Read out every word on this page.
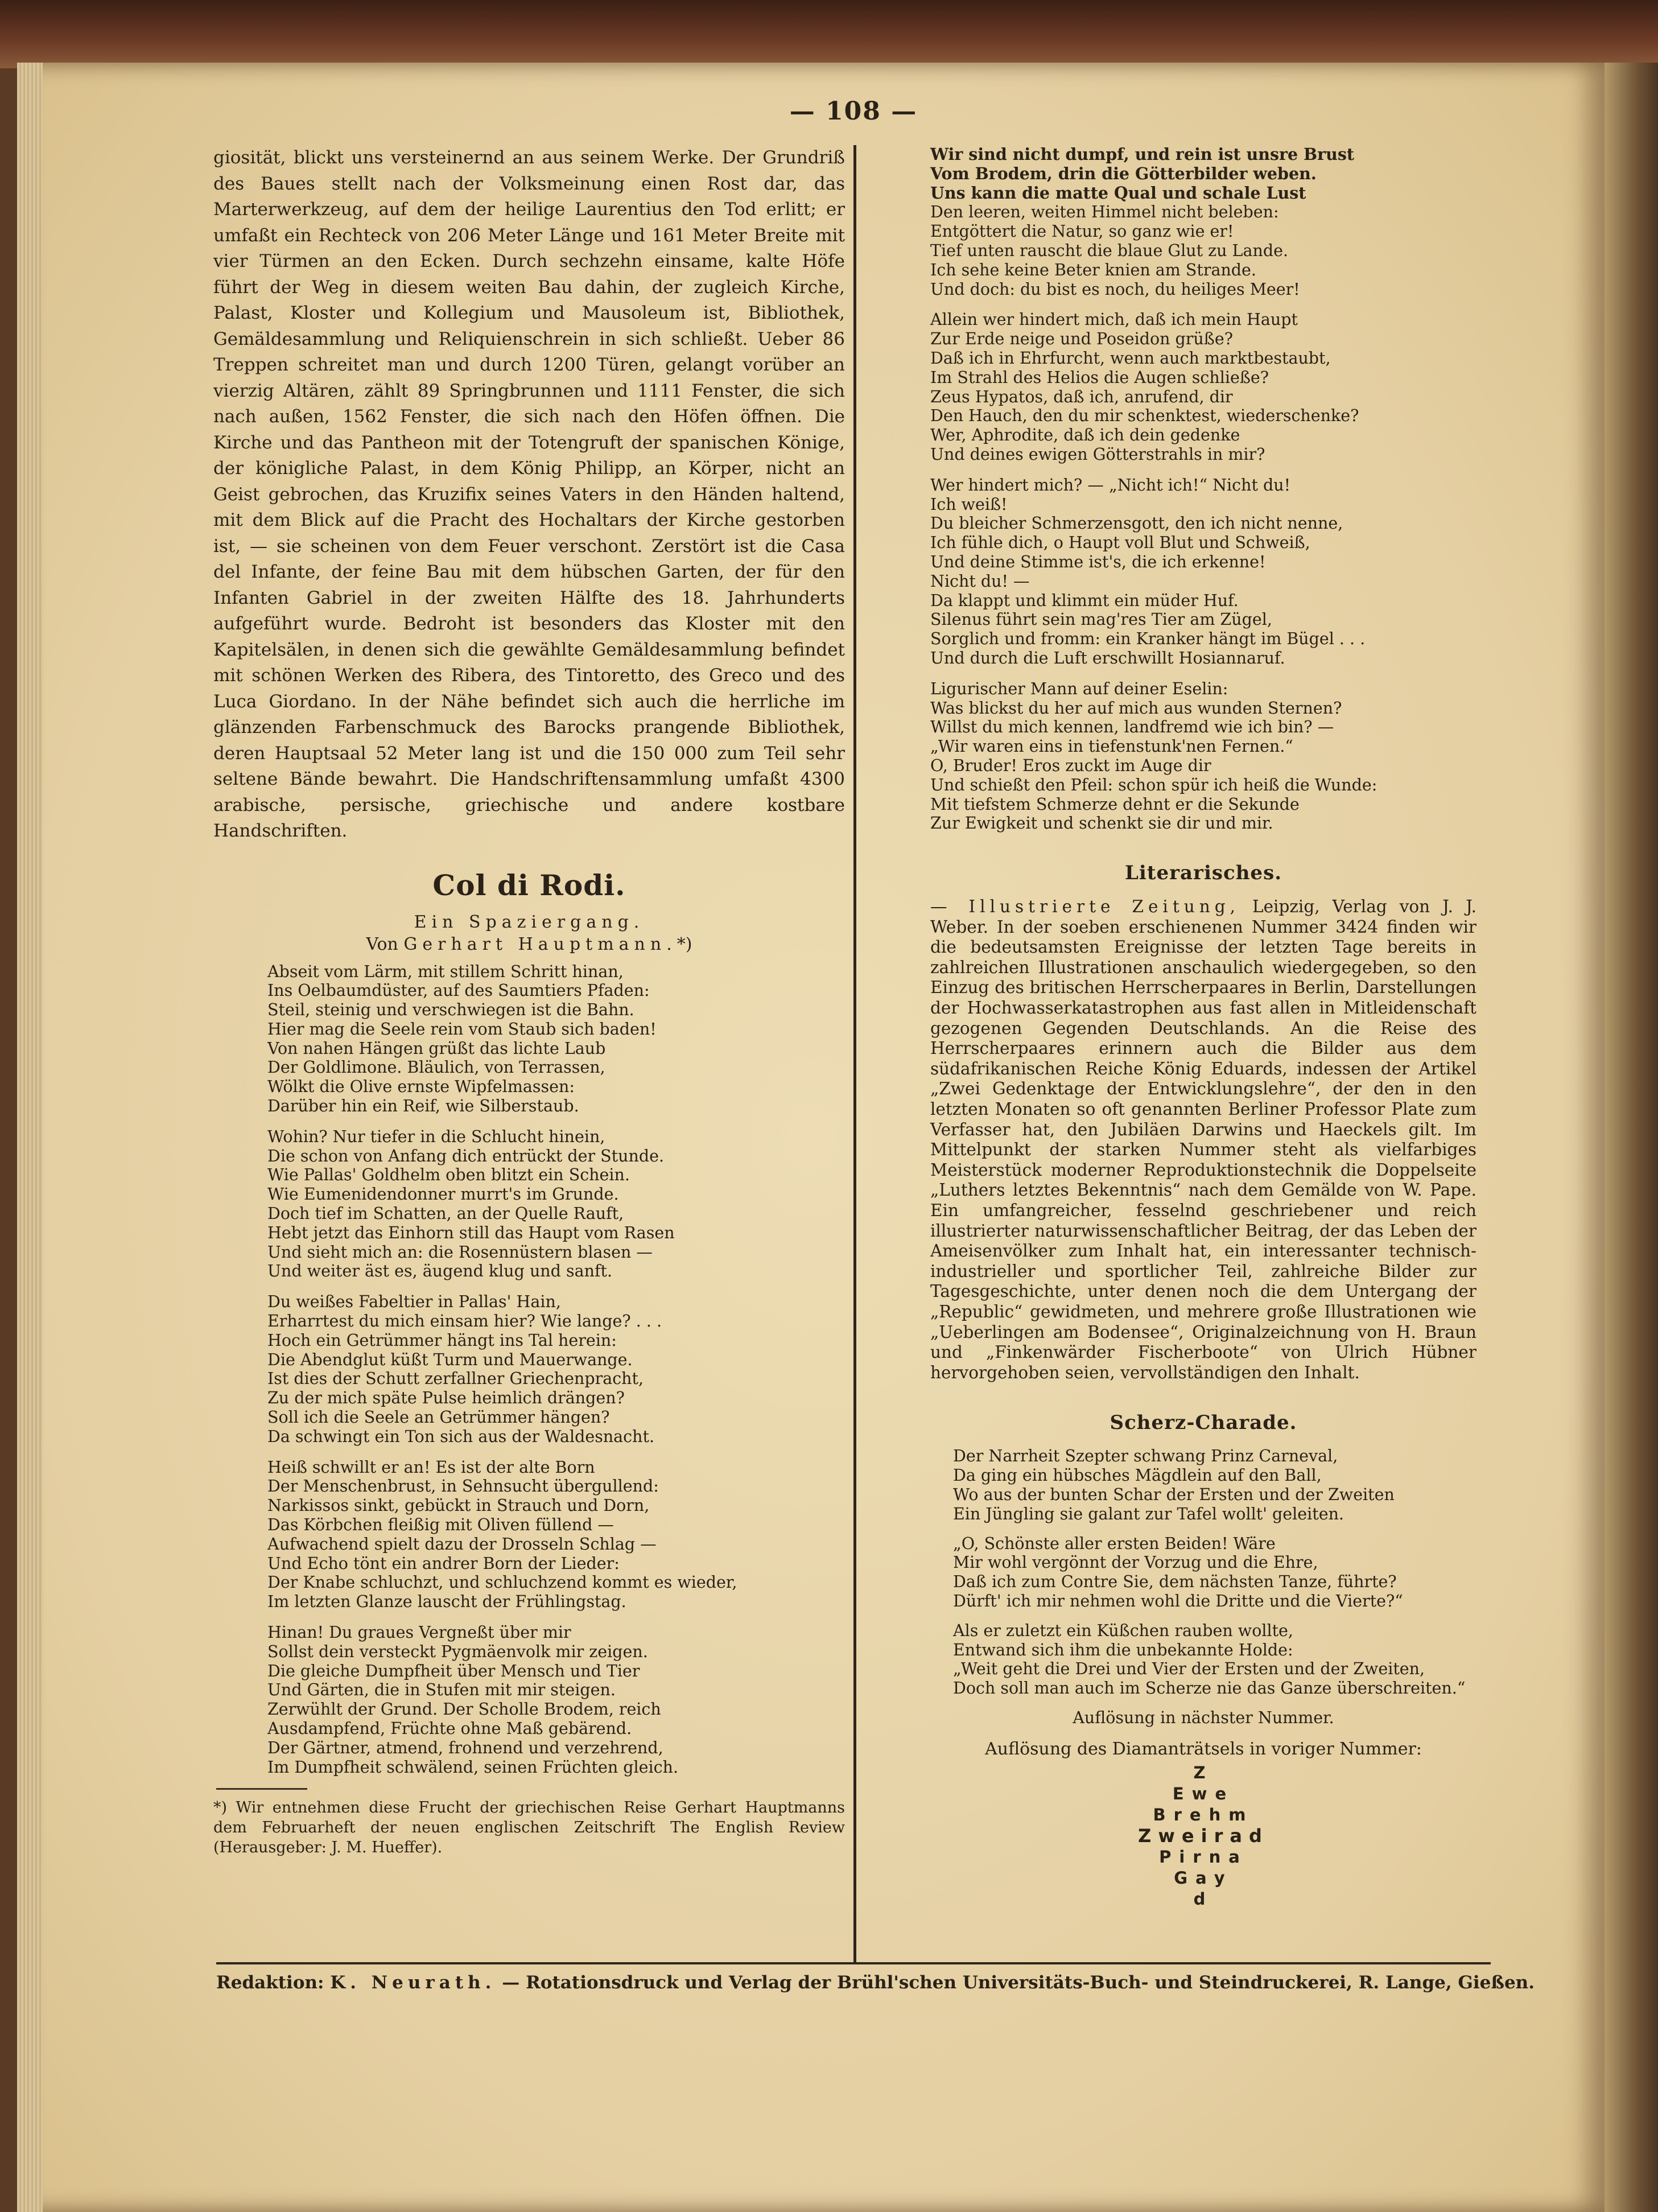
— 108 —

giosität, blickt uns versteinernd an aus seinem Werke. Der Grundriß des Baues stellt nach der Volksmeinung einen Rost dar, das Marterwerkzeug, auf dem der heilige Laurentius den Tod erlitt; er umfaßt ein Rechteck von 206 Meter Länge und 161 Meter Breite mit vier Türmen an den Ecken. Durch sechzehn einsame, kalte Höfe führt der Weg in diesem weiten Bau dahin, der zugleich Kirche, Palast, Kloster und Kollegium und Mausoleum ist, Bibliothek, Gemäldesammlung und Reliquienschrein in sich schließt. Ueber 86 Treppen schreitet man und durch 1200 Türen, gelangt vorüber an vierzig Altären, zählt 89 Springbrunnen und 1111 Fenster, die sich nach außen, 1562 Fenster, die sich nach den Höfen öffnen. Die Kirche und das Pantheon mit der Totengruft der spanischen Könige, der königliche Palast, in dem König Philipp, an Körper, nicht an Geist gebrochen, das Kruzifix seines Vaters in den Händen haltend, mit dem Blick auf die Pracht des Hochaltars der Kirche gestorben ist, — sie scheinen von dem Feuer verschont. Zerstört ist die Casa del Infante, der feine Bau mit dem hübschen Garten, der für den Infanten Gabriel in der zweiten Hälfte des 18. Jahrhunderts aufgeführt wurde. Bedroht ist besonders das Kloster mit den Kapitelsälen, in denen sich die gewählte Gemäldesammlung befindet mit schönen Werken des Ribera, des Tintoretto, des Greco und des Luca Giordano. In der Nähe befindet sich auch die herrliche im glänzenden Farbenschmuck des Barocks prangende Bibliothek, deren Hauptsaal 52 Meter lang ist und die 150 000 zum Teil sehr seltene Bände bewahrt. Die Handschriftensammlung umfaßt 4300 arabische, persische, griechische und andere kostbare Handschriften.

Col di Rodi.
Ein Spaziergang.
Von Gerhart Hauptmann.*)
Abseit vom Lärm, mit stillem Schritt hinan,
Ins Oelbaumdüster, auf des Saumtiers Pfaden:
Steil, steinig und verschwiegen ist die Bahn.
Hier mag die Seele rein vom Staub sich baden!
Von nahen Hängen grüßt das lichte Laub
Der Goldlimone. Bläulich, von Terrassen,
Wölkt die Olive ernste Wipfelmassen:
Darüber hin ein Reif, wie Silberstaub.
Wohin? Nur tiefer in die Schlucht hinein,
Die schon von Anfang dich entrückt der Stunde.
Wie Pallas' Goldhelm oben blitzt ein Schein.
Wie Eumenidendonner murrt's im Grunde.
Doch tief im Schatten, an der Quelle Rauft,
Hebt jetzt das Einhorn still das Haupt vom Rasen
Und sieht mich an: die Rosennüstern blasen —
Und weiter äst es, äugend klug und sanft.
Du weißes Fabeltier in Pallas' Hain,
Erharrtest du mich einsam hier? Wie lange? . . .
Hoch ein Getrümmer hängt ins Tal herein:
Die Abendglut küßt Turm und Mauerwange.
Ist dies der Schutt zerfallner Griechenpracht,
Zu der mich späte Pulse heimlich drängen?
Soll ich die Seele an Getrümmer hängen?
Da schwingt ein Ton sich aus der Waldesnacht.
Heiß schwillt er an! Es ist der alte Born
Der Menschenbrust, in Sehnsucht übergullend:
Narkissos sinkt, gebückt in Strauch und Dorn,
Das Körbchen fleißig mit Oliven füllend —
Aufwachend spielt dazu der Drosseln Schlag —
Und Echo tönt ein andrer Born der Lieder:
Der Knabe schluchzt, und schluchzend kommt es wieder,
Im letzten Glanze lauscht der Frühlingstag.
Hinan! Du graues Vergneßt über mir
Sollst dein versteckt Pygmäenvolk mir zeigen.
Die gleiche Dumpfheit über Mensch und Tier
Und Gärten, die in Stufen mit mir steigen.
Zerwühlt der Grund. Der Scholle Brodem, reich
Ausdampfend, Früchte ohne Maß gebärend.
Der Gärtner, atmend, frohnend und verzehrend,
Im Dumpfheit schwälend, seinen Früchten gleich.

*) Wir entnehmen diese Frucht der griechischen Reise Gerhart Hauptmanns dem Februarheft der neuen englischen Zeitschrift The English Review (Herausgeber: J. M. Hueffer).

Wir sind nicht dumpf, und rein ist unsre Brust
Vom Brodem, drin die Götterbilder weben.
Uns kann die matte Qual und schale Lust
Den leeren, weiten Himmel nicht beleben:
Entgöttert die Natur, so ganz wie er!
Tief unten rauscht die blaue Glut zu Lande.
Ich sehe keine Beter knien am Strande.
Und doch: du bist es noch, du heiliges Meer!
Allein wer hindert mich, daß ich mein Haupt
Zur Erde neige und Poseidon grüße?
Daß ich in Ehrfurcht, wenn auch marktbestaubt,
Im Strahl des Helios die Augen schließe?
Zeus Hypatos, daß ich, anrufend, dir
Den Hauch, den du mir schenktest, wiederschenke?
Wer, Aphrodite, daß ich dein gedenke
Und deines ewigen Götterstrahls in mir?
Wer hindert mich? — „Nicht ich!“ Nicht du!
Ich weiß!
Du bleicher Schmerzensgott, den ich nicht nenne,
Ich fühle dich, o Haupt voll Blut und Schweiß,
Und deine Stimme ist's, die ich erkenne!
Nicht du! —
Da klappt und klimmt ein müder Huf.
Silenus führt sein mag'res Tier am Zügel,
Sorglich und fromm: ein Kranker hängt im Bügel . . .
Und durch die Luft erschwillt Hosiannaruf.
Ligurischer Mann auf deiner Eselin:
Was blickst du her auf mich aus wunden Sternen?
Willst du mich kennen, landfremd wie ich bin? —
„Wir waren eins in tiefenstunk'nen Fernen.“
O, Bruder! Eros zuckt im Auge dir
Und schießt den Pfeil: schon spür ich heiß die Wunde:
Mit tiefstem Schmerze dehnt er die Sekunde
Zur Ewigkeit und schenkt sie dir und mir.
Literarisches.

— Illustrierte Zeitung, Leipzig, Verlag von J. J. Weber. In der soeben erschienenen Nummer 3424 finden wir die bedeutsamsten Ereignisse der letzten Tage bereits in zahlreichen Illustrationen anschaulich wiedergegeben, so den Einzug des britischen Herrscherpaares in Berlin, Darstellungen der Hochwasserkatastrophen aus fast allen in Mitleidenschaft gezogenen Gegenden Deutschlands. An die Reise des Herrscherpaares erinnern auch die Bilder aus dem südafrikanischen Reiche König Eduards, indessen der Artikel „Zwei Gedenktage der Entwicklungslehre“, der den in den letzten Monaten so oft genannten Berliner Professor Plate zum Verfasser hat, den Jubiläen Darwins und Haeckels gilt. Im Mittelpunkt der starken Nummer steht als vielfarbiges Meisterstück moderner Reproduktionstechnik die Doppelseite „Luthers letztes Bekenntnis“ nach dem Gemälde von W. Pape. Ein umfangreicher, fesselnd geschriebener und reich illustrierter naturwissenschaftlicher Beitrag, der das Leben der Ameisenvölker zum Inhalt hat, ein interessanter technisch-industrieller und sportlicher Teil, zahlreiche Bilder zur Tagesgeschichte, unter denen noch die dem Untergang der „Republic“ gewidmeten, und mehrere große Illustrationen wie „Ueberlingen am Bodensee“, Originalzeichnung von H. Braun und „Finkenwärder Fischerboote“ von Ulrich Hübner hervorgehoben seien, vervollständigen den Inhalt.

Scherz-Charade.
Der Narrheit Szepter schwang Prinz Carneval,
Da ging ein hübsches Mägdlein auf den Ball,
Wo aus der bunten Schar der Ersten und der Zweiten
Ein Jüngling sie galant zur Tafel wollt' geleiten.
„O, Schönste aller ersten Beiden! Wäre
Mir wohl vergönnt der Vorzug und die Ehre,
Daß ich zum Contre Sie, dem nächsten Tanze, führte?
Dürft' ich mir nehmen wohl die Dritte und die Vierte?“
Als er zuletzt ein Küßchen rauben wollte,
Entwand sich ihm die unbekannte Holde:
„Weit geht die Drei und Vier der Ersten und der Zweiten,
Doch soll man auch im Scherze nie das Ganze überschreiten.“
Auflösung in nächster Nummer.
Auflösung des Diamanträtsels in voriger Nummer:
Z
Ewe
Brehm
Zweirad
Pirna
Gay
d
Redaktion: K. Neurath. — Rotationsdruck und Verlag der Brühl'schen Universitäts-Buch- und Steindruckerei, R. Lange, Gießen.
